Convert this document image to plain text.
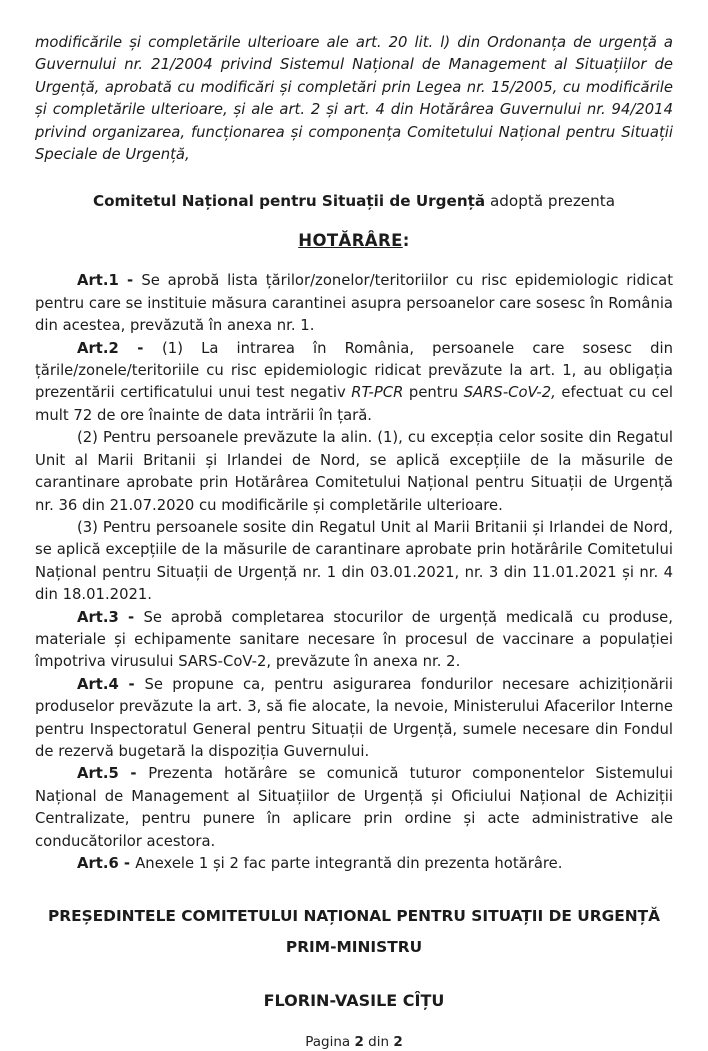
modificările și completările ulterioare ale art. 20 lit. l) din Ordonanța de urgență a Guvernului nr. 21/2004 privind Sistemul Național de Management al Situațiilor de Urgență, aprobată cu modificări și completări prin Legea nr. 15/2005, cu modificările și completările ulterioare, și ale art. 2 și art. 4 din Hotărârea Guvernului nr. 94/2014 privind organizarea, funcționarea și componența Comitetului Național pentru Situații Speciale de Urgență,

Comitetul Național pentru Situații de Urgență adoptă prezenta

HOTĂRÂRE:

Art.1 - Se aprobă lista țărilor/zonelor/teritoriilor cu risc epidemiologic ridicat pentru care se instituie măsura carantinei asupra persoanelor care sosesc în România din acestea, prevăzută în anexa nr. 1.

Art.2 - (1) La intrarea în România, persoanele care sosesc din țările/zonele/teritoriile cu risc epidemiologic ridicat prevăzute la art. 1, au obligația prezentării certificatului unui test negativ RT-PCR pentru SARS-CoV-2, efectuat cu cel mult 72 de ore înainte de data intrării în țară.

(2) Pentru persoanele prevăzute la alin. (1), cu excepția celor sosite din Regatul Unit al Marii Britanii și Irlandei de Nord, se aplică excepțiile de la măsurile de carantinare aprobate prin Hotărârea Comitetului Național pentru Situații de Urgență nr. 36 din 21.07.2020 cu modificările și completările ulterioare.

(3) Pentru persoanele sosite din Regatul Unit al Marii Britanii și Irlandei de Nord, se aplică excepțiile de la măsurile de carantinare aprobate prin hotărârile Comitetului Național pentru Situații de Urgență nr. 1 din 03.01.2021, nr. 3 din 11.01.2021 și nr. 4 din 18.01.2021.

Art.3 - Se aprobă completarea stocurilor de urgență medicală cu produse, materiale și echipamente sanitare necesare în procesul de vaccinare a populației împotriva virusului SARS-CoV-2, prevăzute în anexa nr. 2.

Art.4 - Se propune ca, pentru asigurarea fondurilor necesare achiziționării produselor prevăzute la art. 3, să fie alocate, la nevoie, Ministerului Afacerilor Interne pentru Inspectoratul General pentru Situații de Urgență, sumele necesare din Fondul de rezervă bugetară la dispoziția Guvernului.

Art.5 - Prezenta hotărâre se comunică tuturor componentelor Sistemului Național de Management al Situațiilor de Urgență și Oficiului Național de Achiziții Centralizate, pentru punere în aplicare prin ordine și acte administrative ale conducătorilor acestora.

Art.6 - Anexele 1 și 2 fac parte integrantă din prezenta hotărâre.

PREȘEDINTELE COMITETULUI NAȚIONAL PENTRU SITUAȚII DE URGENȚĂ

PRIM-MINISTRU

FLORIN-VASILE CÎȚU

Pagina 2 din 2
